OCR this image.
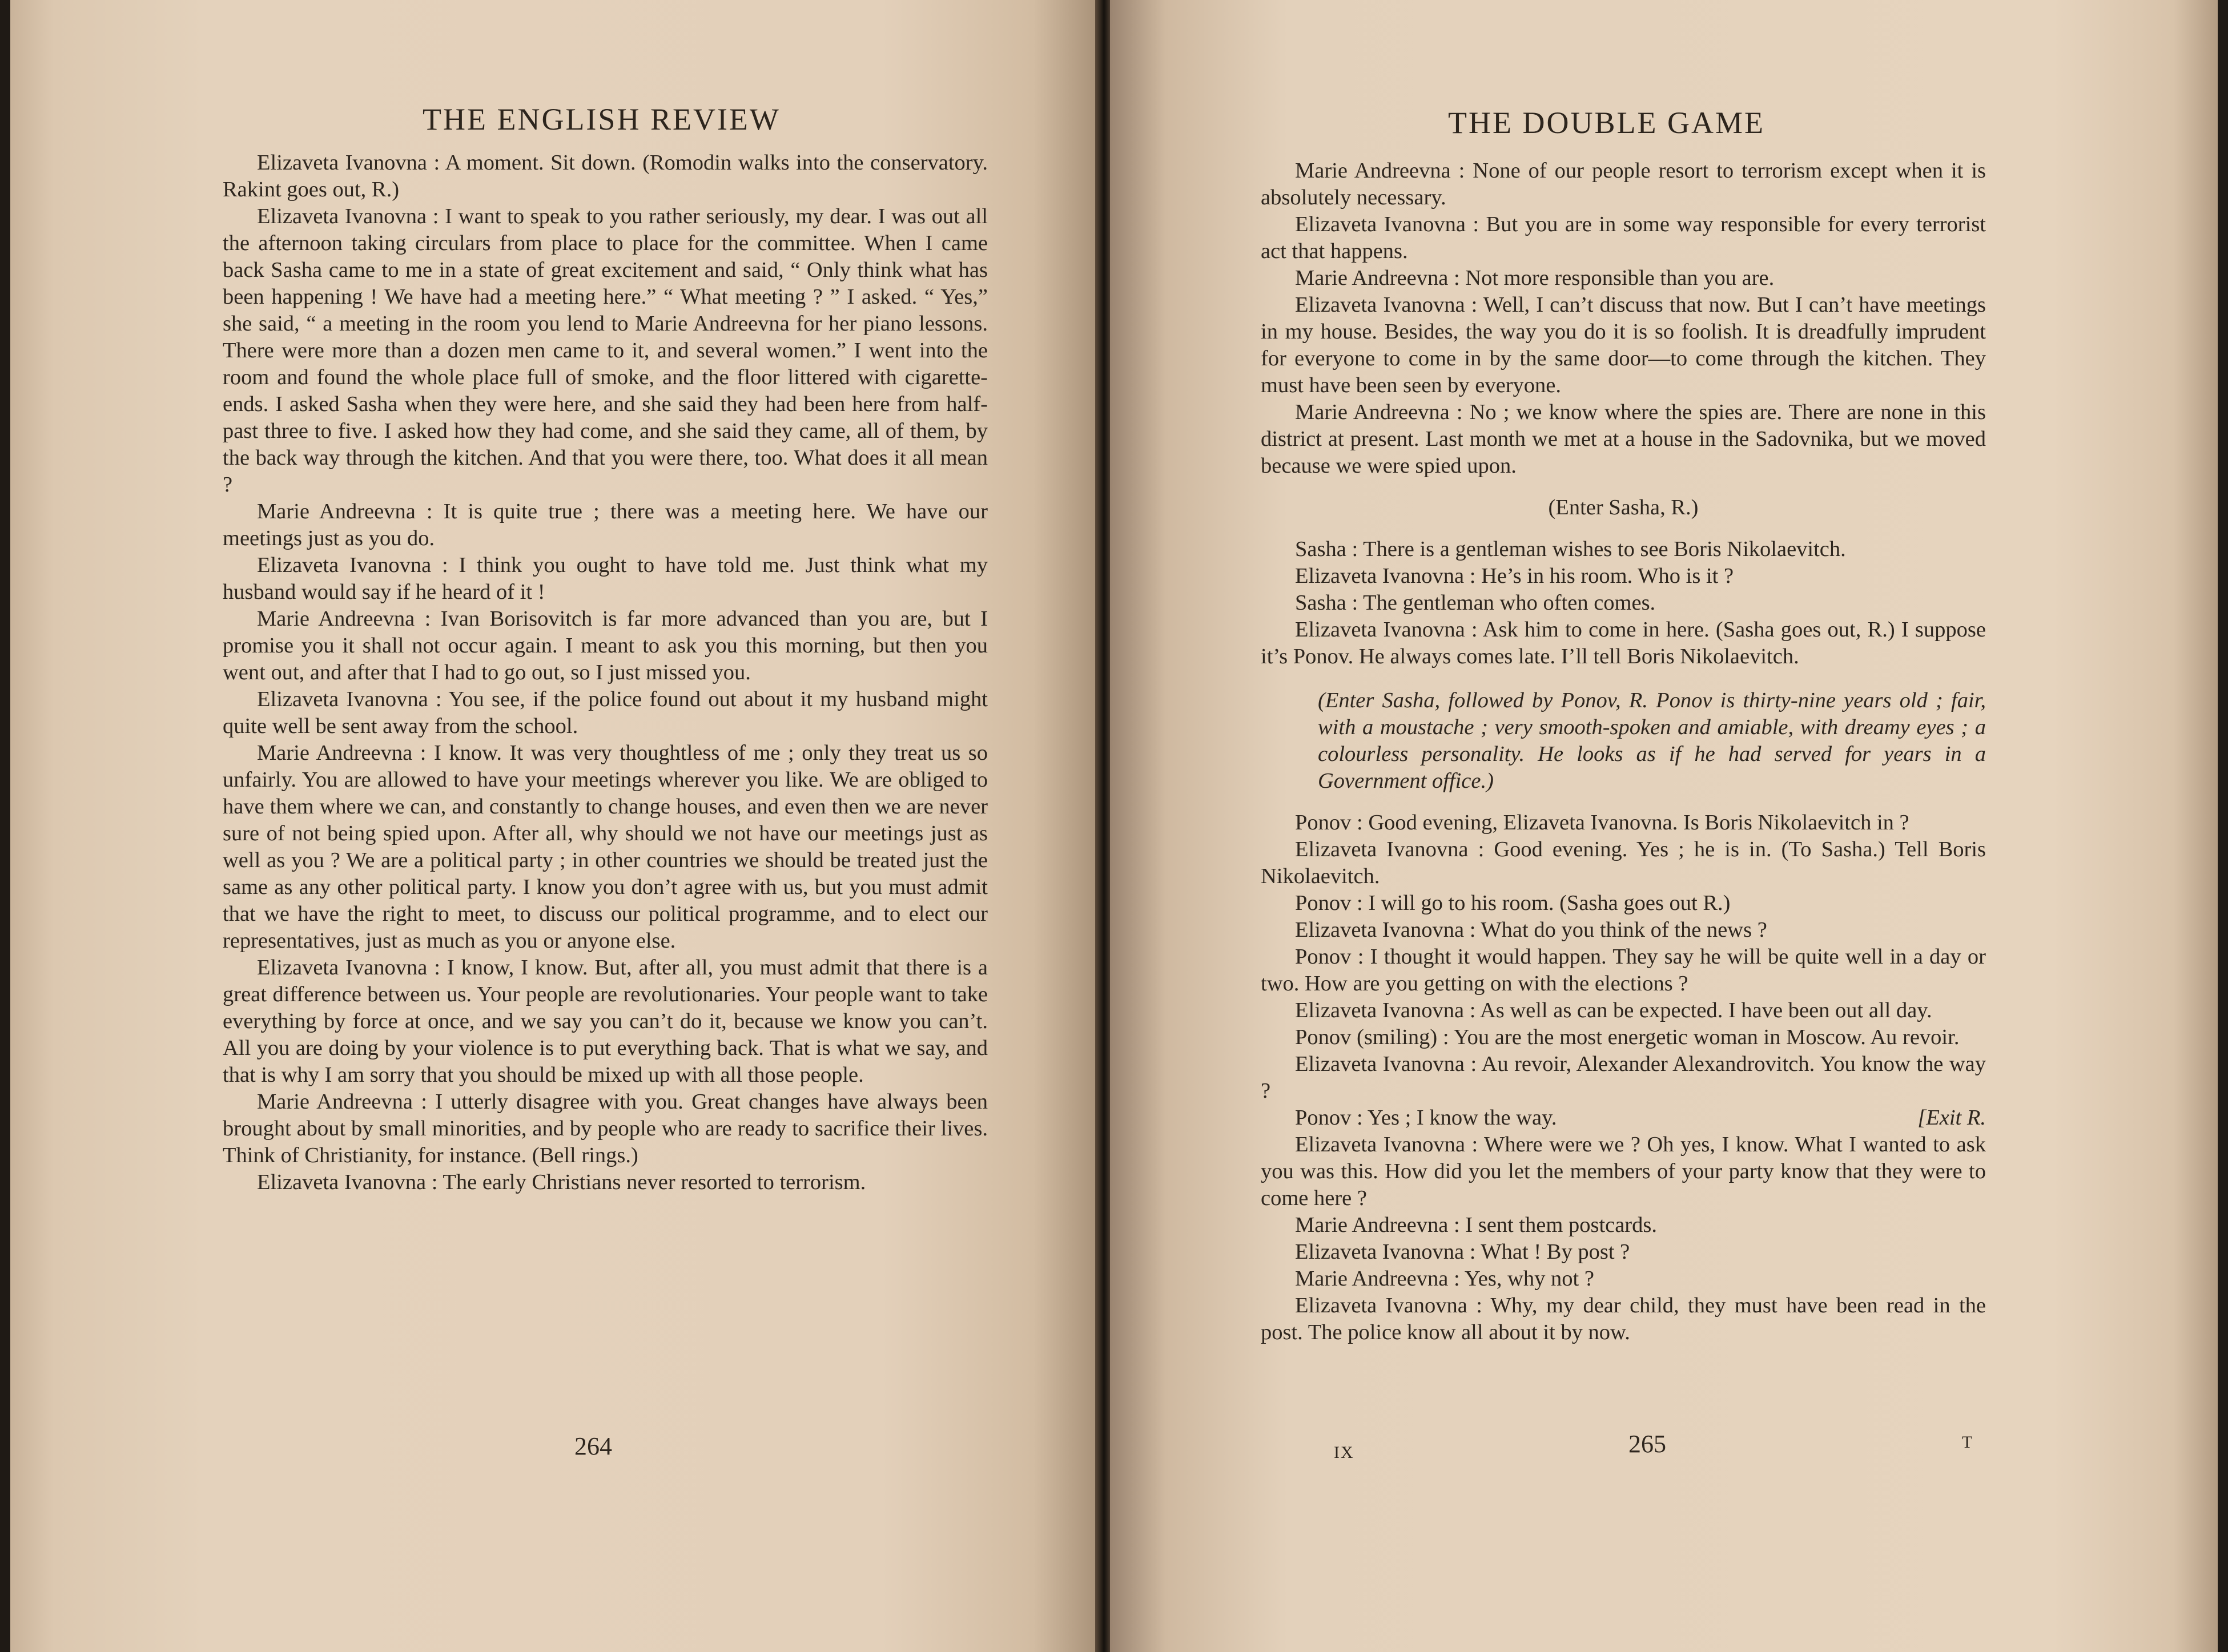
THE ENGLISH REVIEW

Elizaveta Ivanovna : A moment. Sit down. (Romodin walks into the conservatory. Rakint goes out, R.)

Elizaveta Ivanovna : I want to speak to you rather seriously, my dear. I was out all the afternoon taking circulars from place to place for the committee. When I came back Sasha came to me in a state of great excitement and said, “ Only think what has been happening ! We have had a meeting here.” “ What meeting ? ” I asked. “ Yes,” she said, “ a meeting in the room you lend to Marie Andreevna for her piano lessons. There were more than a dozen men came to it, and several women.” I went into the room and found the whole place full of smoke, and the floor littered with cigarette-ends. I asked Sasha when they were here, and she said they had been here from half-past three to five. I asked how they had come, and she said they came, all of them, by the back way through the kitchen. And that you were there, too. What does it all mean ?

Marie Andreevna : It is quite true ; there was a meeting here. We have our meetings just as you do.

Elizaveta Ivanovna : I think you ought to have told me. Just think what my husband would say if he heard of it !

Marie Andreevna : Ivan Borisovitch is far more advanced than you are, but I promise you it shall not occur again. I meant to ask you this morning, but then you went out, and after that I had to go out, so I just missed you.

Elizaveta Ivanovna : You see, if the police found out about it my husband might quite well be sent away from the school.

Marie Andreevna : I know. It was very thoughtless of me ; only they treat us so unfairly. You are allowed to have your meetings wherever you like. We are obliged to have them where we can, and constantly to change houses, and even then we are never sure of not being spied upon. After all, why should we not have our meetings just as well as you ? We are a political party ; in other countries we should be treated just the same as any other political party. I know you don’t agree with us, but you must admit that we have the right to meet, to discuss our political programme, and to elect our representatives, just as much as you or anyone else.

Elizaveta Ivanovna : I know, I know. But, after all, you must admit that there is a great difference between us. Your people are revolutionaries. Your people want to take everything by force at once, and we say you can’t do it, because we know you can’t. All you are doing by your violence is to put everything back. That is what we say, and that is why I am sorry that you should be mixed up with all those people.

Marie Andreevna : I utterly disagree with you. Great changes have always been brought about by small minorities, and by people who are ready to sacrifice their lives. Think of Christianity, for instance. (Bell rings.)

Elizaveta Ivanovna : The early Christians never resorted to terrorism.

264
THE DOUBLE GAME

Marie Andreevna : None of our people resort to terrorism except when it is absolutely necessary.

Elizaveta Ivanovna : But you are in some way responsible for every terrorist act that happens.

Marie Andreevna : Not more responsible than you are.

Elizaveta Ivanovna : Well, I can’t discuss that now. But I can’t have meetings in my house. Besides, the way you do it is so foolish. It is dreadfully imprudent for everyone to come in by the same door—to come through the kitchen. They must have been seen by everyone.

Marie Andreevna : No ; we know where the spies are. There are none in this district at present. Last month we met at a house in the Sadovnika, but we moved because we were spied upon.

(Enter Sasha, R.)

Sasha : There is a gentleman wishes to see Boris Nikolaevitch.

Elizaveta Ivanovna : He’s in his room. Who is it ?

Sasha : The gentleman who often comes.

Elizaveta Ivanovna : Ask him to come in here. (Sasha goes out, R.) I suppose it’s Ponov. He always comes late. I’ll tell Boris Nikolaevitch.

(Enter Sasha, followed by Ponov, R. Ponov is thirty-nine years old ; fair, with a moustache ; very smooth-spoken and amiable, with dreamy eyes ; a colourless personality. He looks as if he had served for years in a Government office.)

Ponov : Good evening, Elizaveta Ivanovna. Is Boris Nikolaevitch in ?

Elizaveta Ivanovna : Good evening. Yes ; he is in. (To Sasha.) Tell Boris Nikolaevitch.

Ponov : I will go to his room. (Sasha goes out R.)

Elizaveta Ivanovna : What do you think of the news ?

Ponov : I thought it would happen. They say he will be quite well in a day or two. How are you getting on with the elections ?

Elizaveta Ivanovna : As well as can be expected. I have been out all day.

Ponov (smiling) : You are the most energetic woman in Moscow. Au revoir.

Elizaveta Ivanovna : Au revoir, Alexander Alexandrovitch. You know the way ?

[Exit R.
Ponov : Yes ; I know the way.

Elizaveta Ivanovna : Where were we ? Oh yes, I know. What I wanted to ask you was this. How did you let the members of your party know that they were to come here ?

Marie Andreevna : I sent them postcards.

Elizaveta Ivanovna : What ! By post ?

Marie Andreevna : Yes, why not ?

Elizaveta Ivanovna : Why, my dear child, they must have been read in the post. The police know all about it by now.

IX	265	T
